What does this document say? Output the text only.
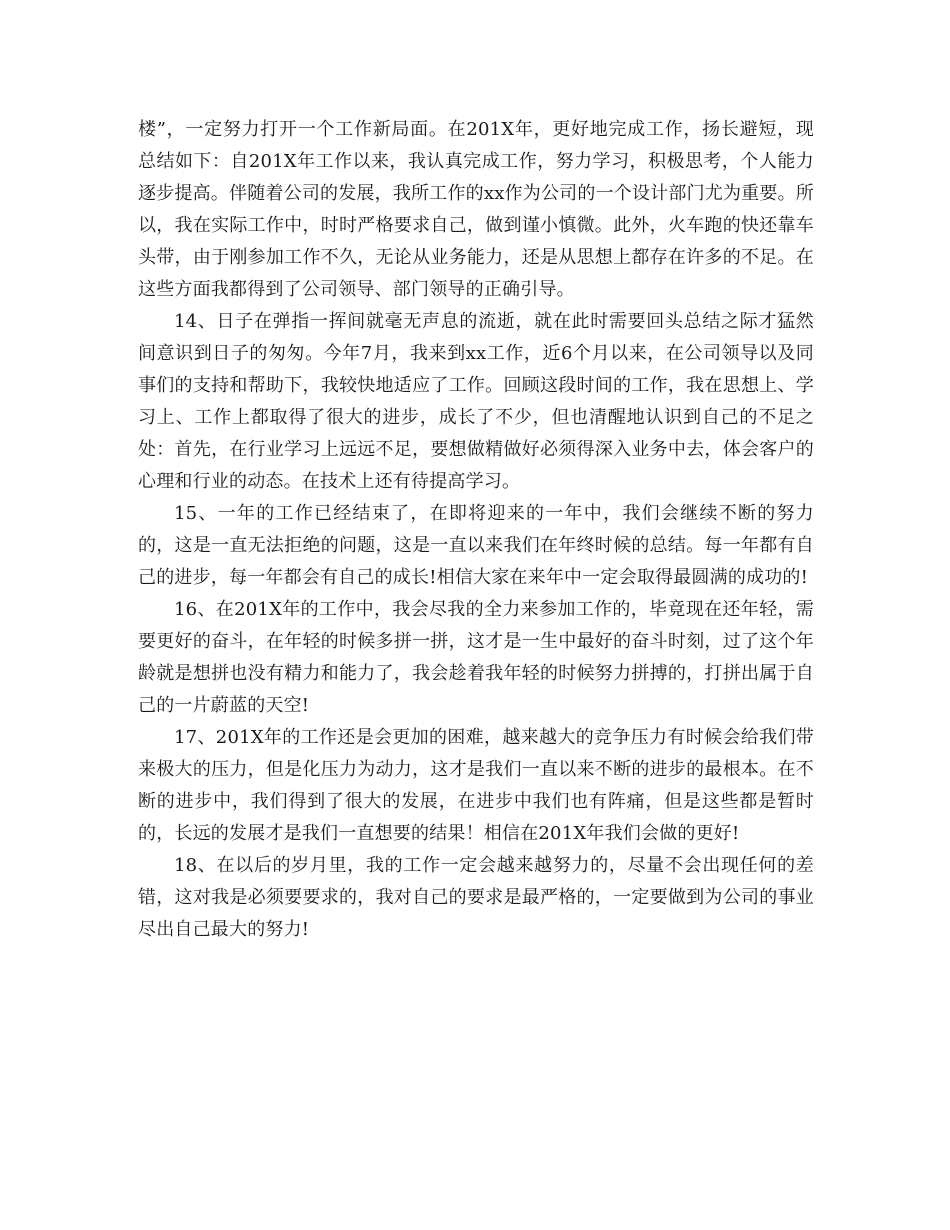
楼”，一定努力打开一个工作新局面。在201X年，更好地完成工作，扬长避短，现总结如下：自201X年工作以来，我认真完成工作，努力学习，积极思考，个人能力逐步提高。伴随着公司的发展，我所工作的xx作为公司的一个设计部门尤为重要。所以，我在实际工作中，时时严格要求自己，做到谨小慎微。此外，火车跑的快还靠车头带，由于刚参加工作不久，无论从业务能力，还是从思想上都存在许多的不足。在这些方面我都得到了公司领导、部门领导的正确引导。

14、日子在弹指一挥间就毫无声息的流逝，就在此时需要回头总结之际才猛然间意识到日子的匆匆。今年7月，我来到xx工作，近6个月以来，在公司领导以及同事们的支持和帮助下，我较快地适应了工作。回顾这段时间的工作，我在思想上、学习上、工作上都取得了很大的进步，成长了不少，但也清醒地认识到自己的不足之处：首先，在行业学习上远远不足，要想做精做好必须得深入业务中去，体会客户的心理和行业的动态。在技术上还有待提高学习。

15、一年的工作已经结束了，在即将迎来的一年中，我们会继续不断的努力的，这是一直无法拒绝的问题，这是一直以来我们在年终时候的总结。每一年都有自己的进步，每一年都会有自己的成长!相信大家在来年中一定会取得最圆满的成功的!

16、在201X年的工作中，我会尽我的全力来参加工作的，毕竟现在还年轻，需要更好的奋斗，在年轻的时候多拼一拼，这才是一生中最好的奋斗时刻，过了这个年龄就是想拼也没有精力和能力了，我会趁着我年轻的时候努力拼搏的，打拼出属于自己的一片蔚蓝的天空!

17、201X年的工作还是会更加的困难，越来越大的竞争压力有时候会给我们带来极大的压力，但是化压力为动力，这才是我们一直以来不断的进步的最根本。在不断的进步中，我们得到了很大的发展，在进步中我们也有阵痛，但是这些都是暂时的，长远的发展才是我们一直想要的结果！相信在201X年我们会做的更好!

18、在以后的岁月里，我的工作一定会越来越努力的，尽量不会出现任何的差错，这对我是必须要要求的，我对自己的要求是最严格的，一定要做到为公司的事业尽出自己最大的努力!
